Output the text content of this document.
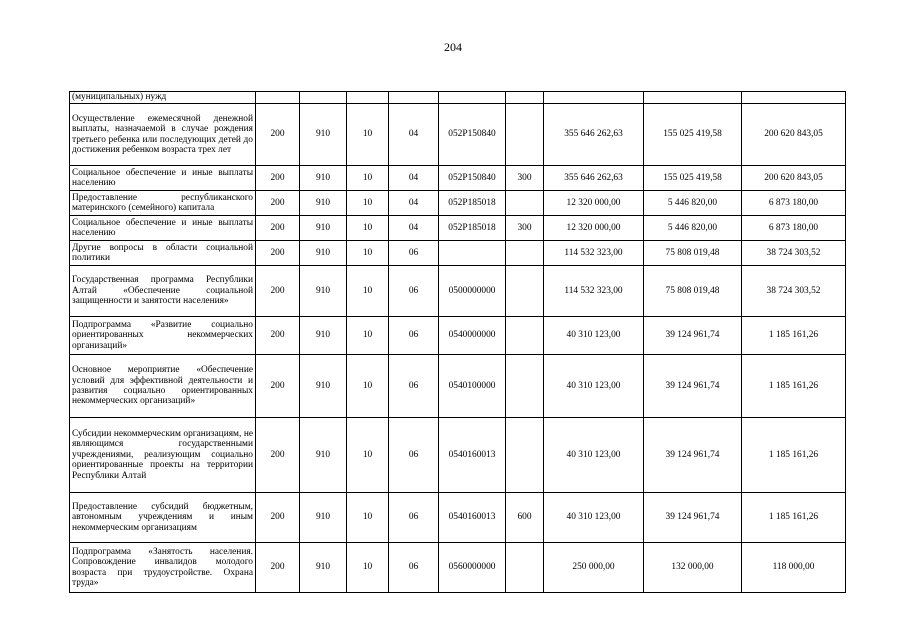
204
(муниципальных) нужд									
Осуществление ежемесячной денежной выплаты, назначаемой в случае рождения третьего ребенка или последующих детей до достижения ребенком возраста трех лет	200	910	10	04	052P150840		355 646 262,63	155 025 419,58	200 620 843,05
Социальное обеспечение и иные выплаты населению	200	910	10	04	052P150840	300	355 646 262,63	155 025 419,58	200 620 843,05
Предоставление республиканского материнского (семейного) капитала	200	910	10	04	052P185018		12 320 000,00	5 446 820,00	6 873 180,00
Социальное обеспечение и иные выплаты населению	200	910	10	04	052P185018	300	12 320 000,00	5 446 820,00	6 873 180,00
Другие вопросы в области социальной политики	200	910	10	06			114 532 323,00	75 808 019,48	38 724 303,52
Государственная программа Республики Алтай «Обеспечение социальной защищенности и занятости населения»	200	910	10	06	0500000000		114 532 323,00	75 808 019,48	38 724 303,52
Подпрограмма «Развитие социально ориентированных некоммерческих организаций»	200	910	10	06	0540000000		40 310 123,00	39 124 961,74	1 185 161,26
Основное мероприятие «Обеспечение условий для эффективной деятельности и развития социально ориентированных некоммерческих организаций»	200	910	10	06	0540100000		40 310 123,00	39 124 961,74	1 185 161,26
Субсидии некоммерческим организациям, не являющимся государственными учреждениями, реализующим социально ориентированные проекты на территории Республики Алтай	200	910	10	06	0540160013		40 310 123,00	39 124 961,74	1 185 161,26
Предоставление субсидий бюджетным, автономным учреждениям и иным некоммерческим организациям	200	910	10	06	0540160013	600	40 310 123,00	39 124 961,74	1 185 161,26
Подпрограмма «Занятость населения. Сопровождение инвалидов молодого возраста при трудоустройстве. Охрана труда»	200	910	10	06	0560000000		250 000,00	132 000,00	118 000,00
